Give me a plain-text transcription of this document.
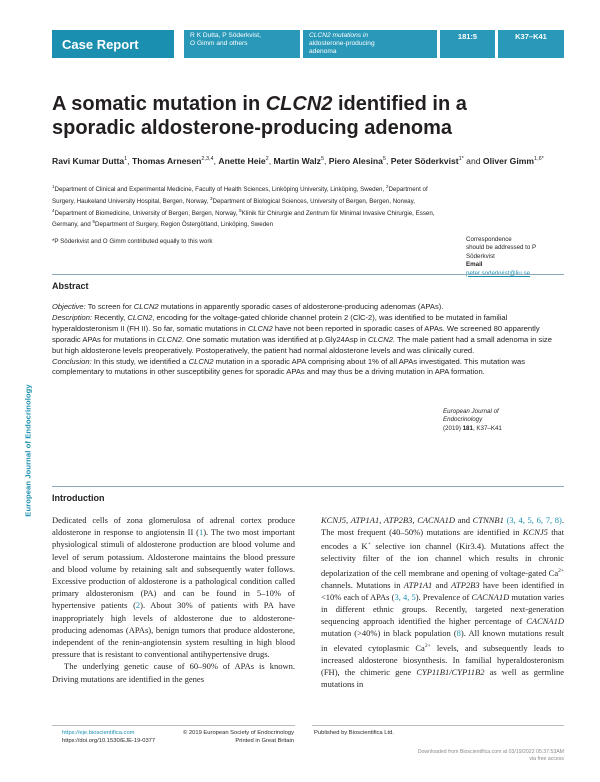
Case Report
R K Dutta, P Söderkvist,
O Gimm and others
CLCN2 mutations in
aldosterone-producing
adenoma
181:5	K37–K41
A somatic mutation in CLCN2 identified in a sporadic aldosterone-producing adenoma
Ravi Kumar Dutta$^1$, Thomas Arnesen$^{2,3,4}$, Anette Heie$^2$, Martin Walz$^5$, Piero Alesina$^5$, Peter Söderkvist$^{1*}$ and Oliver Gimm$^{1,6*}$
$^1$Department of Clinical and Experimental Medicine, Faculty of Health Sciences, Linköping University, Linköping, Sweden, $^2$Department of Surgery, Haukeland University Hospital, Bergen, Norway, $^3$Department of Biological Sciences, University of Bergen, Bergen, Norway, $^4$Department of Biomedicine, University of Bergen, Bergen, Norway, $^5$Klinik für Chirurgie and Zentrum für Minimal Invasive Chirurgie, Essen, Germany, and $^6$Department of Surgery, Region Östergötland, Linköping, Sweden
*P Söderkvist and O Gimm contributed equally to this work	Correspondence
should be addressed to P
Söderkvist
Email
peter.soderkvist@liu.se
Abstract

Objective: To screen for CLCN2 mutations in apparently sporadic cases of aldosterone-producing adenomas (APAs).

Description: Recently, CLCN2, encoding for the voltage-gated chloride channel protein 2 (ClC-2), was identified to be mutated in familial hyperaldosteronism II (FH II). So far, somatic mutations in CLCN2 have not been reported in sporadic cases of APAs. We screened 80 apparently sporadic APAs for mutations in CLCN2. One somatic mutation was identified at p.Gly24Asp in CLCN2. The male patient had a small adenoma in size but high aldosterone levels preoperatively. Postoperatively, the patient had normal aldosterone levels and was clinically cured.

Conclusion: In this study, we identified a CLCN2 mutation in a sporadic APA comprising about 1% of all APAs investigated. This mutation was complementary to mutations in other susceptibility genes for sporadic APAs and may thus be a driving mutation in APA formation.

European Journal of
Endocrinology
(2019) 181, K37–K41
European Journal of Endocrinology Introduction

Dedicated cells of zona glomerulosa of adrenal cortex produce aldosterone in response to angiotensin II (1). The two most important physiological stimuli of aldosterone production are blood volume and level of serum potassium. Aldosterone maintains the blood pressure and blood volume by retaining salt and subsequently water follows. Excessive production of aldosterone is a pathological condition called primary aldosteronism (PA) and can be found in 5–10% of hypertensive patients (2). About 30% of patients with PA have inappropriately high levels of aldosterone due to aldosterone-producing adenomas (APAs), benign tumors that produce aldosterone, independent of the renin-angiotensin system resulting in high blood pressure that is resistant to conventional antihypertensive drugs.

The underlying genetic cause of 60–90% of APAs is known. Driving mutations are identified in the genes

KCNJ5, ATP1A1, ATP2B3, CACNA1D and CTNNB1 (3, 4, 5, 6, 7, 8). The most frequent (40–50%) mutations are identified in KCNJ5 that encodes a K+ selective ion channel (Kir3.4). Mutations affect the selectivity filter of the ion channel which results in chronic depolarization of the cell membrane and opening of voltage-gated $Ca^{2+}$ channels. Mutations in ATP1A1 and ATP2B3 have been identified in <10% each of APAs (3, 4, 5). Prevalence of CACNA1D mutation varies in different ethnic groups. Recently, targeted next-generation sequencing approach identified the higher percentage of CACNA1D mutation (>40%) in black population (8). All known mutations result in elevated cytoplasmic $Ca^{2+}$ levels, and subsequently leads to increased aldosterone biosynthesis. In familial hyperaldosteronism (FH), the chimeric gene CYP11B1/CYP11B2 as well as germline mutations in

https://eje.bioscientifica.com
https://doi.org/10.1530/EJE-19-0377
© 2019 European Society of Endocrinology
Printed in Great Britain
Published by Bioscientifica Ltd.
Downloaded from Bioscientifica.com at 03/19/2022 05:37:53AM
via free access
